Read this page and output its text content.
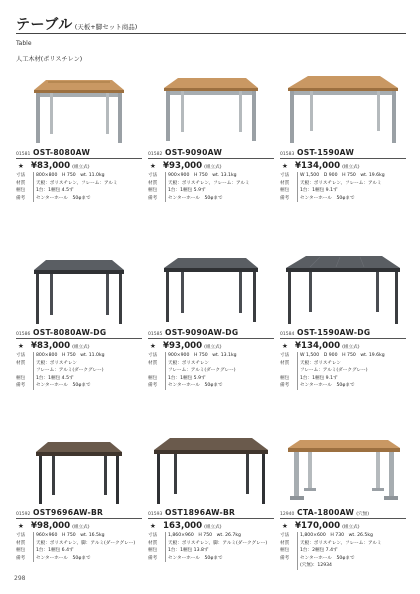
テーブル (天板+脚セット商品)
Table
人工木材(ポリスチレン)
01581 OST-8080AW
★ ¥83,000 (組立式)
寸法	800×800　H 750　wt. 11.0kg
材質	天板：ポリスチレン、フレーム：アルミ
梱包	1台：1梱包 4.5ず
備考	センターホール　50φまで
01582 OST-9090AW
★ ¥93,000 (組立式)
寸法	900×900　H 750　wt. 13.1kg
材質	天板：ポリスチレン、フレーム：アルミ
梱包	1台：1梱包 5.9ず
備考	センターホール　50φまで
01583 OST-1590AW
★ ¥134,000 (組立式)
寸法	W 1,500　D 900　H 750　wt. 19.6kg
材質	天板：ポリスチレン、フレーム：アルミ
梱包	1台：1梱包 9.1ず
備考	センターホール　50φまで
01586 OST-8080AW-DG
★ ¥83,000 (組立式)
寸法	800×800　H 750　wt. 11.0kg
材質	天板：ポリスチレン
フレーム：アルミ(ダークグレー)
梱包	1台：1梱包 4.5ず
備考	センターホール　50φまで
01585 OST-9090AW-DG
★ ¥93,000 (組立式)
寸法	900×900　H 750　wt. 13.1kg
材質	天板：ポリスチレン
フレーム：アルミ(ダークグレー)
梱包	1台：1梱包 5.9ず
備考	センターホール　50φまで
01584 OST-1590AW-DG
★ ¥134,000 (組立式)
寸法	W 1,500　D 900　H 750　wt. 19.6kg
材質	天板：ポリスチレン
フレーム：アルミ(ダークグレー)
梱包	1台：1梱包 9.1ず
備考	センターホール　50φまで
01592 OST9696AW-BR
★ ¥98,000 (組立式)
寸法	960×960　H 750　wt. 16.5kg
材質	天板：ポリスチレン、脚：アルミ(ダークグレー)
梱包	1台：1梱包 6.4ず
備考	センターホール　50φまで
01593 OST1896AW-BR
★ 163,000 (組立式)
寸法	1,860×960　H 750　wt. 26.7kg
材質	天板：ポリスチレン、脚：アルミ(ダークグレー)
梱包	1台：1梱包 13.8ず
備考	センターホール　50φまで
12940 CTA-1800AW (穴無)
★ ¥170,000 (組立式)
寸法	1,800×600　H 730　wt. 26.5kg
材質	天板：ポリスチレン、フレーム：アルミ
梱包	1台：2梱包 7.4ず
備考	センターホール　50φまで
(穴無)：12934
298
